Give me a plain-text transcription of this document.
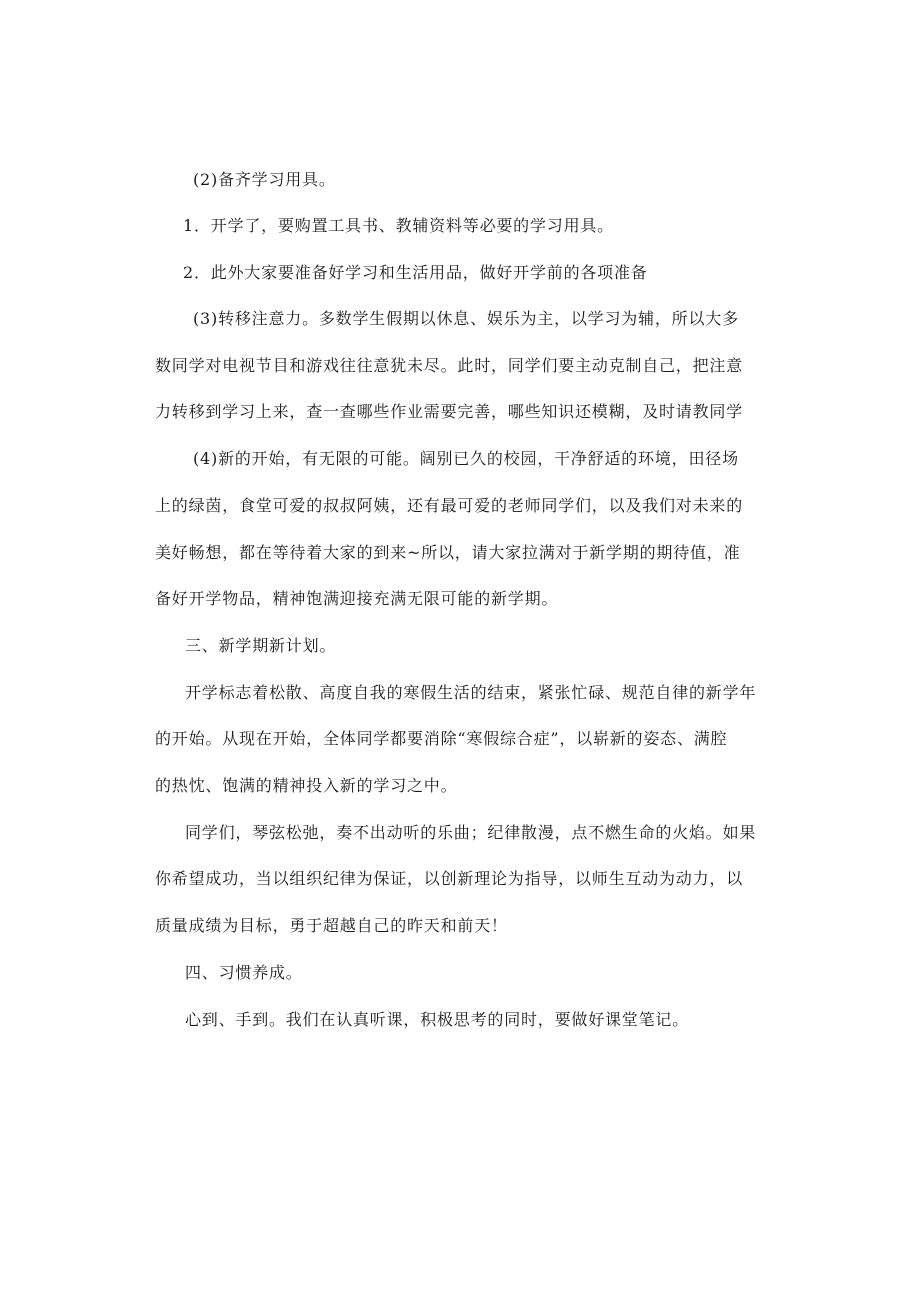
(2)备齐学习用具。
1．开学了，要购置工具书、教辅资料等必要的学习用具。
2．此外大家要准备好学习和生活用品，做好开学前的各项准备
(3)转移注意力。多数学生假期以休息、娱乐为主，以学习为辅，所以大多
数同学对电视节目和游戏往往意犹未尽。此时，同学们要主动克制自己，把注意
力转移到学习上来，查一查哪些作业需要完善，哪些知识还模糊，及时请教同学
(4)新的开始，有无限的可能。阔别已久的校园，干净舒适的环境，田径场
上的绿茵，食堂可爱的叔叔阿姨，还有最可爱的老师同学们，以及我们对未来的
美好畅想，都在等待着大家的到来~所以，请大家拉满对于新学期的期待值，准
备好开学物品，精神饱满迎接充满无限可能的新学期。
三、新学期新计划。
开学标志着松散、高度自我的寒假生活的结束，紧张忙碌、规范自律的新学年
的开始。从现在开始，全体同学都要消除“寒假综合症”，以崭新的姿态、满腔
的热忱、饱满的精神投入新的学习之中。
同学们，琴弦松弛，奏不出动听的乐曲；纪律散漫，点不燃生命的火焰。如果
你希望成功，当以组织纪律为保证，以创新理论为指导，以师生互动为动力，以
质量成绩为目标，勇于超越自己的昨天和前天！
四、习惯养成。
心到、手到。我们在认真听课，积极思考的同时，要做好课堂笔记。
